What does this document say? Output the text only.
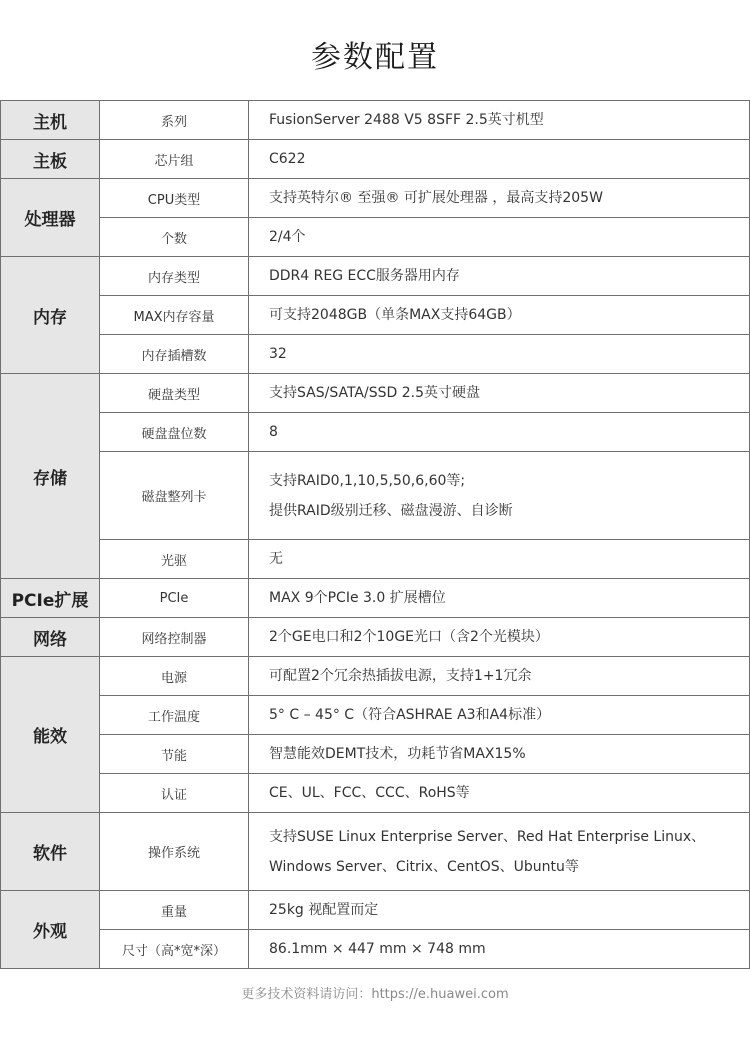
参数配置
主机	系列	FusionServer 2488 V5 8SFF 2.5英寸机型

主板	芯片组	C622

处理器	CPU类型	支持英特尔® 至强® 可扩展处理器 ，最高支持205W

	个数	2/4个

内存	内存类型	DDR4 REG ECC服务器用内存

	MAX内存容量	可支持2048GB（单条MAX支持64GB）

	内存插槽数	32

存储	硬盘类型	支持SAS/SATA/SSD 2.5英寸硬盘

	硬盘盘位数	8

	磁盘整列卡	支持RAID0,1,10,5,50,6,60等;
提供RAID级别迁移、磁盘漫游、自诊断

	光驱	无

PCIe扩展	PCIe	MAX 9个PCIe 3.0 扩展槽位

网络	网络控制器	2个GE电口和2个10GE光口（含2个光模块）

能效	电源	可配置2个冗余热插拔电源，支持1+1冗余

	工作温度	5° C – 45° C（符合ASHRAE A3和A4标准）

	节能	智慧能效DEMT技术，功耗节省MAX15%

	认证	CE、UL、FCC、CCC、RoHS等

软件	操作系统	支持SUSE Linux Enterprise Server、Red Hat Enterprise Linux、
Windows Server、Citrix、CentOS、Ubuntu等

外观	重量	25kg 视配置而定

	尺寸（高*宽*深）	86.1mm × 447 mm × 748 mm
更多技术资料请访问：https://e.huawei.com
